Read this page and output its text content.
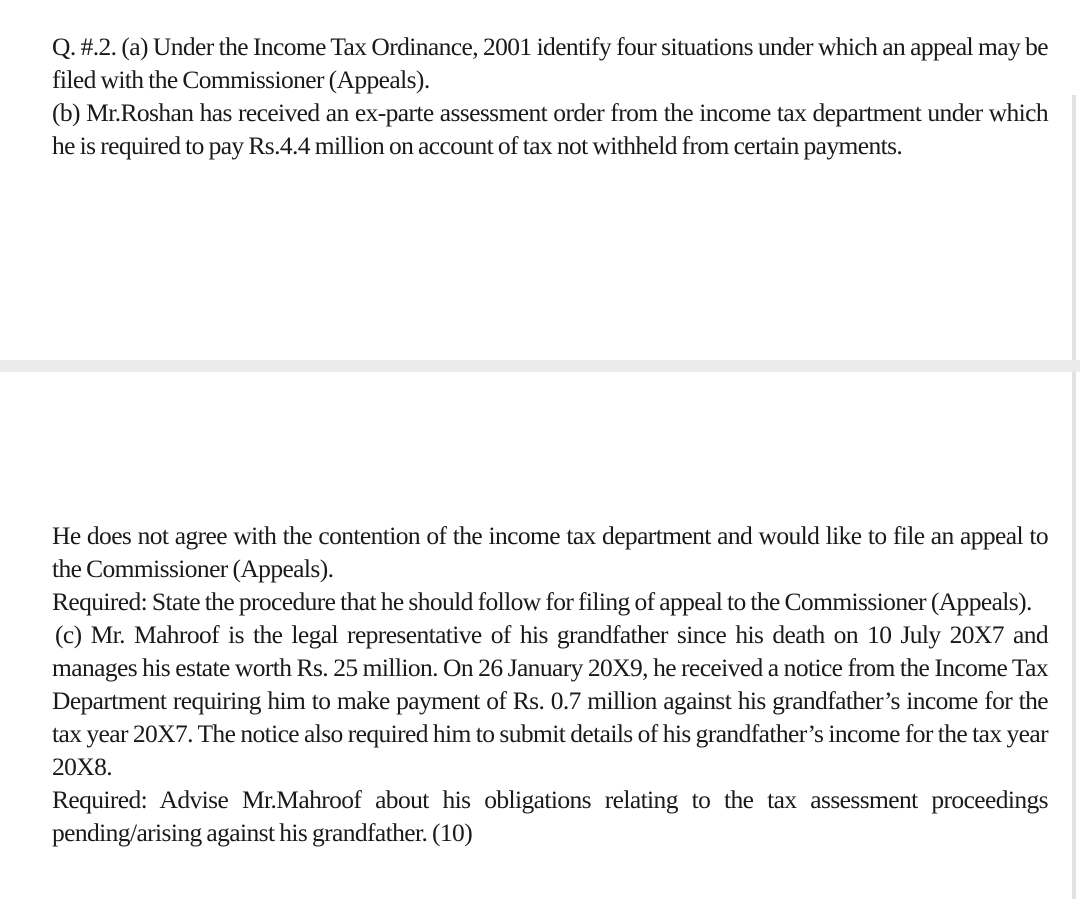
Q. #.2. (a) Under the Income Tax Ordinance, 2001 identify four situations under which an appeal may be filed with the Commissioner (Appeals).

(b) Mr.Roshan has received an ex-parte assessment order from the income tax department under which he is required to pay Rs.4.4 million on account of tax not withheld from certain payments.

He does not agree with the contention of the income tax department and would like to file an appeal to the Commissioner (Appeals).

Required: State the procedure that he should follow for filing of appeal to the Commissioner (Appeals).

(c) Mr. Mahroof is the legal representative of his grandfather since his death on 10 July 20X7 and manages his estate worth Rs. 25 million. On 26 January 20X9, he received a notice from the Income Tax Department requiring him to make payment of Rs. 0.7 million against his grandfather’s income for the tax year 20X7. The notice also required him to submit details of his grandfather’s income for the tax year 20X8.

Required: Advise Mr.Mahroof about his obligations relating to the tax assessment proceedings pending/arising against his grandfather. (10)
